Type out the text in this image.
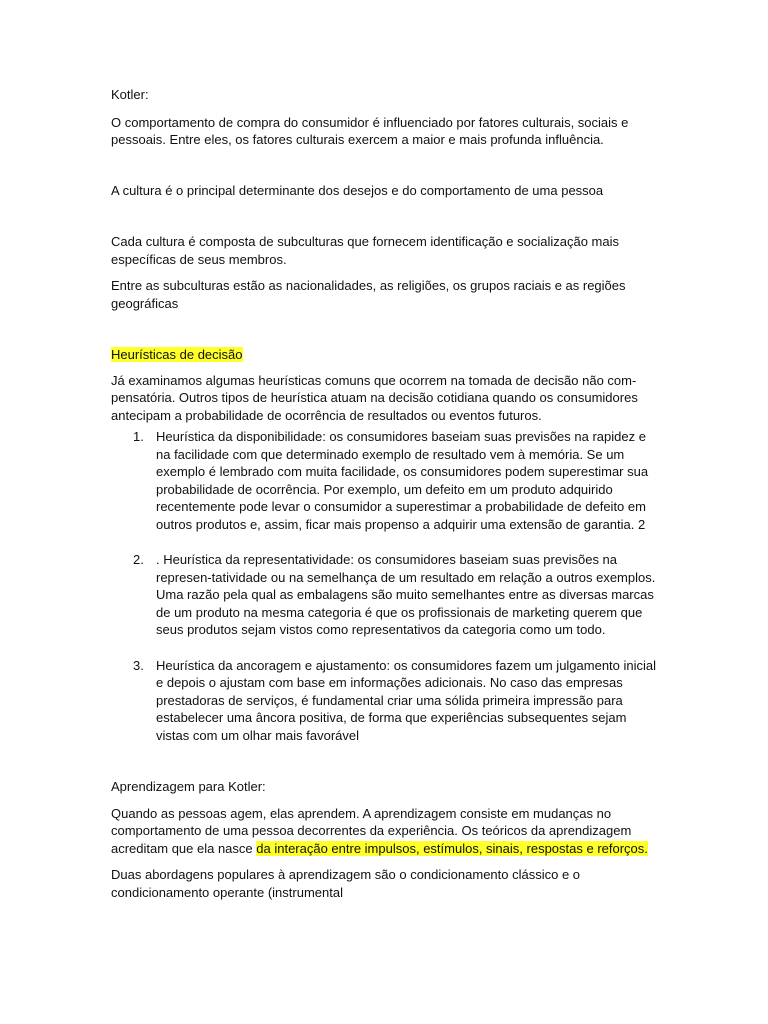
Kotler:

O comportamento de compra do consumidor é influenciado por fatores culturais, sociais e pessoais. Entre eles, os fatores culturais exercem a maior e mais profunda influência.

A cultura é o principal determinante dos desejos e do comportamento de uma pessoa

Cada cultura é composta de subculturas que fornecem identificação e socialização mais específicas de seus membros.

Entre as subculturas estão as nacionalidades, as religiões, os grupos raciais e as regiões geográficas

Heurísticas de decisão

Já examinamos algumas heurísticas comuns que ocorrem na tomada de decisão não com-pensatória. Outros tipos de heurística atuam na decisão cotidiana quando os consumidores antecipam a probabilidade de ocorrência de resultados ou eventos futuros.

1. Heurística da disponibilidade: os consumidores baseiam suas previsões na rapidez e na facilidade com que determinado exemplo de resultado vem à memória. Se um exemplo é lembrado com muita facilidade, os consumidores podem superestimar sua probabilidade de ocorrência. Por exemplo, um defeito em um produto adquirido recentemente pode levar o consumidor a superestimar a probabilidade de defeito em outros produtos e, assim, ficar mais propenso a adquirir uma extensão de garantia. 2
2. . Heurística da representatividade: os consumidores baseiam suas previsões na represen-tatividade ou na semelhança de um resultado em relação a outros exemplos. Uma razão pela qual as embalagens são muito semelhantes entre as diversas marcas de um produto na mesma categoria é que os profissionais de marketing querem que seus produtos sejam vistos como representativos da categoria como um todo.
3. Heurística da ancoragem e ajustamento: os consumidores fazem um julgamento inicial e depois o ajustam com base em informações adicionais. No caso das empresas prestadoras de serviços, é fundamental criar uma sólida primeira impressão para estabelecer uma âncora positiva, de forma que experiências subsequentes sejam vistas com um olhar mais favorável

Aprendizagem para Kotler:

Quando as pessoas agem, elas aprendem. A aprendizagem consiste em mudanças no comportamento de uma pessoa decorrentes da experiência. Os teóricos da aprendizagem acreditam que ela nasce da interação entre impulsos, estímulos, sinais, respostas e reforços.

Duas abordagens populares à aprendizagem são o condicionamento clássico e o condicionamento operante (instrumental
